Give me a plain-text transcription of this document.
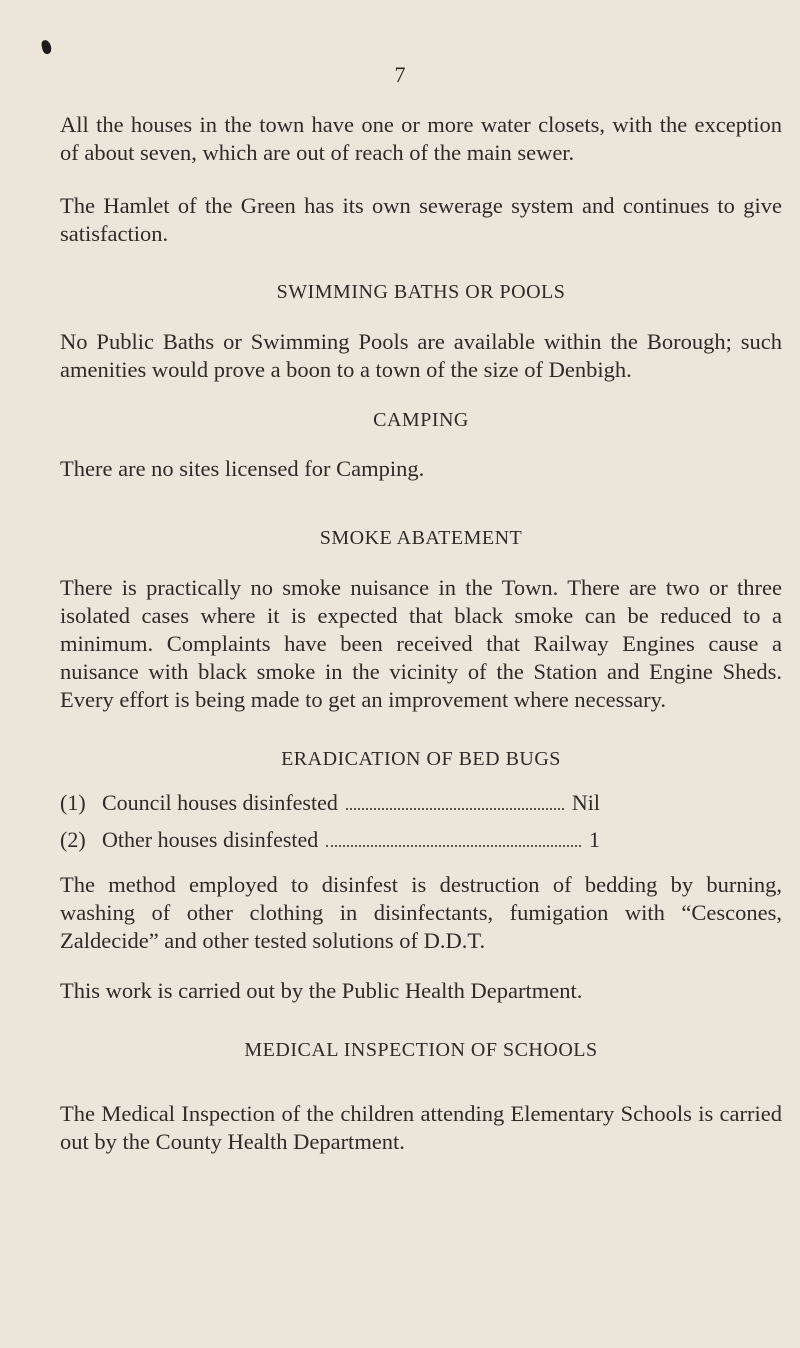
7

All the houses in the town have one or more water closets, with the exception of about seven, which are out of reach of the main sewer.

The Hamlet of the Green has its own sewerage system and continues to give satisfaction.

SWIMMING BATHS OR POOLS

No Public Baths or Swimming Pools are available within the Borough; such amenities would prove a boon to a town of the size of Denbigh.

CAMPING

There are no sites licensed for Camping.

SMOKE ABATEMENT

There is practically no smoke nuisance in the Town. There are two or three isolated cases where it is expected that black smoke can be reduced to a minimum. Complaints have been received that Railway Engines cause a nuisance with black smoke in the vicinity of the Station and Engine Sheds. Every effort is being made to get an improvement where necessary.

ERADICATION OF BED BUGS
(1) Council houses disinfested	Nil
(2) Other houses disinfested	1

The method employed to disinfest is destruction of bedding by burning, washing of other clothing in disinfectants, fumigation with “Cescones, Zaldecide” and other tested solutions of D.D.T.

This work is carried out by the Public Health Department.

MEDICAL INSPECTION OF SCHOOLS

The Medical Inspection of the children attending Elementary Schools is carried out by the County Health Department.
